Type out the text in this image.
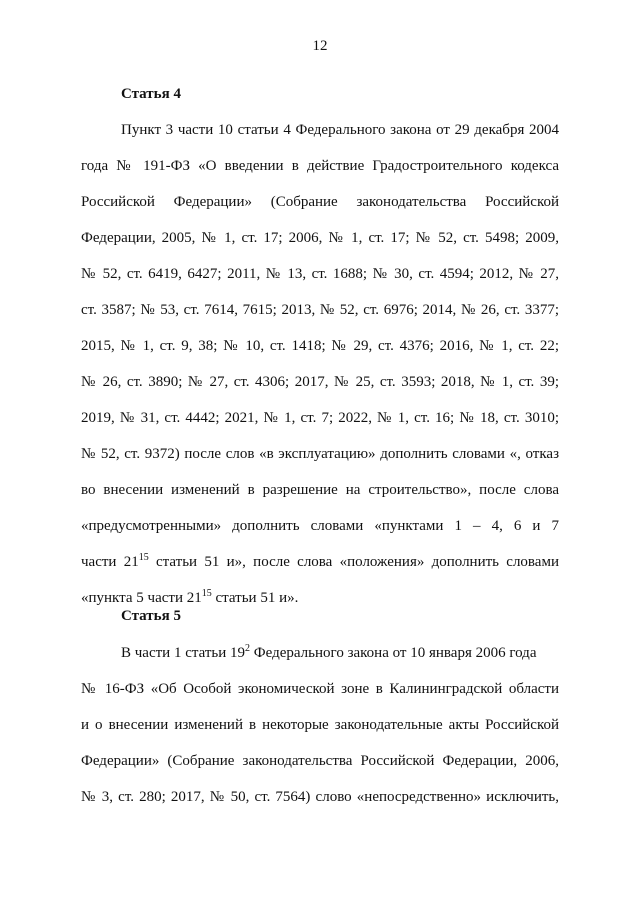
12
Статья 4
Пункт 3 части 10 статьи 4 Федерального закона от 29 декабря 2004
года № 191-ФЗ «О введении в действие Градостроительного кодекса
Российской Федерации» (Собрание законодательства Российской
Федерации, 2005, № 1, ст. 17; 2006, № 1, ст. 17; № 52, ст. 5498; 2009,
№ 52, ст. 6419, 6427; 2011, № 13, ст. 1688; № 30, ст. 4594; 2012, № 27,
ст. 3587; № 53, ст. 7614, 7615; 2013, № 52, ст. 6976; 2014, № 26, ст. 3377;
2015, № 1, ст. 9, 38; № 10, ст. 1418; № 29, ст. 4376; 2016, № 1, ст. 22;
№ 26, ст. 3890; № 27, ст. 4306; 2017, № 25, ст. 3593; 2018, № 1, ст. 39;
2019, № 31, ст. 4442; 2021, № 1, ст. 7; 2022, № 1, ст. 16; № 18, ст. 3010;
№ 52, ст. 9372) после слов «в эксплуатацию» дополнить словами «, отказ
во внесении изменений в разрешение на строительство», после слова
«предусмотренными» дополнить словами «пунктами 1 – 4, 6 и 7
части $21^{15}$ статьи 51 и», после слова «положения» дополнить словами
«пункта 5 части $21^{15}$ статьи 51 и».
Статья 5
В части 1 статьи $19^2$ Федерального закона от 10 января 2006 года
№ 16-ФЗ «Об Особой экономической зоне в Калининградской области
и о внесении изменений в некоторые законодательные акты Российской
Федерации» (Собрание законодательства Российской Федерации, 2006,
№ 3, ст. 280; 2017, № 50, ст. 7564) слово «непосредственно» исключить,
